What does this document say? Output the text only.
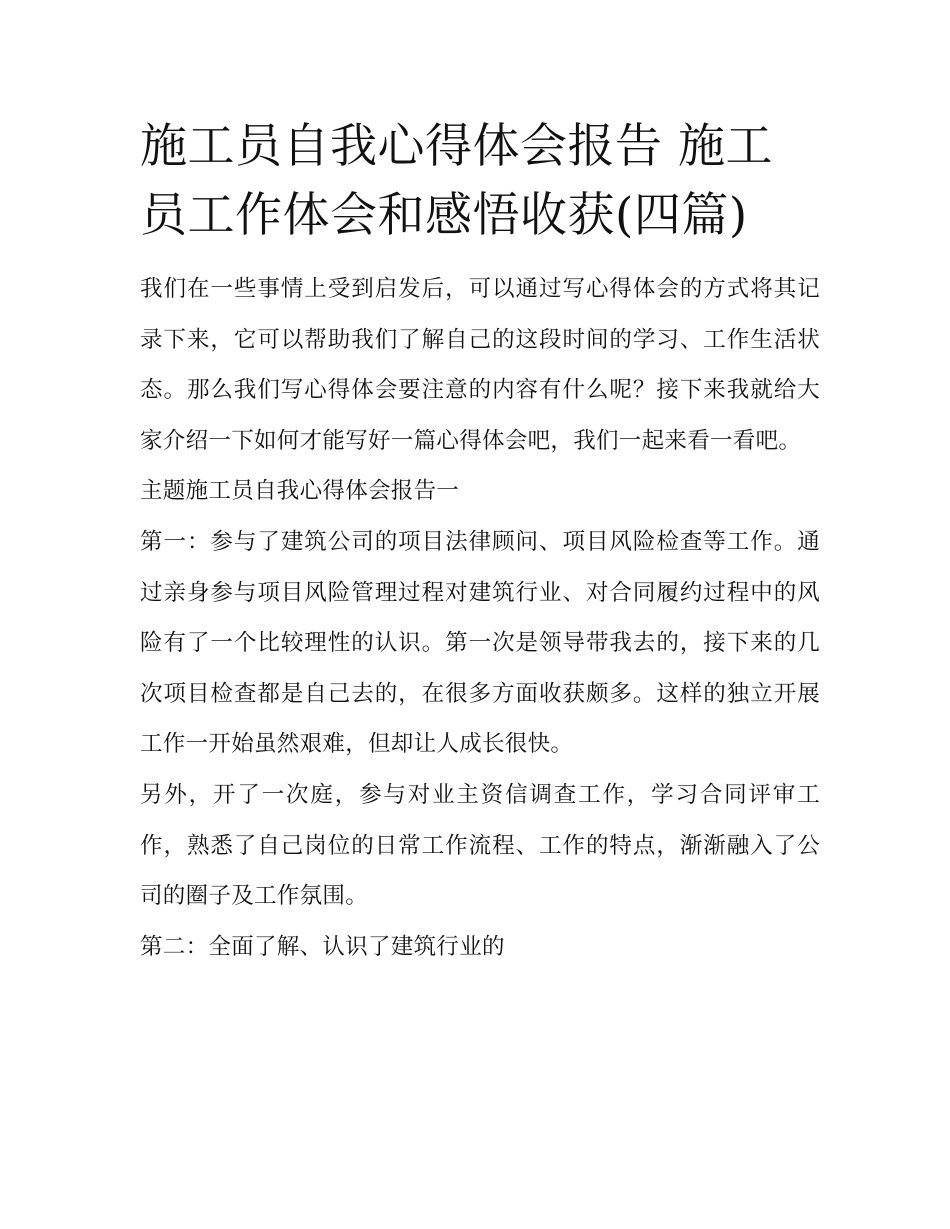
施工员自我心得体会报告 施工员工作体会和感悟收获(四篇)

我们在一些事情上受到启发后，可以通过写心得体会的方式将其记录下来，它可以帮助我们了解自己的这段时间的学习、工作生活状态。那么我们写心得体会要注意的内容有什么呢？接下来我就给大家介绍一下如何才能写好一篇心得体会吧，我们一起来看一看吧。

主题施工员自我心得体会报告一

第一：参与了建筑公司的项目法律顾问、项目风险检查等工作。通过亲身参与项目风险管理过程对建筑行业、对合同履约过程中的风险有了一个比较理性的认识。第一次是领导带我去的，接下来的几次项目检查都是自己去的，在很多方面收获颇多。这样的独立开展工作一开始虽然艰难，但却让人成长很快。

另外，开了一次庭，参与对业主资信调查工作，学习合同评审工作，熟悉了自己岗位的日常工作流程、工作的特点，渐渐融入了公司的圈子及工作氛围。

第二：全面了解、认识了建筑行业的
